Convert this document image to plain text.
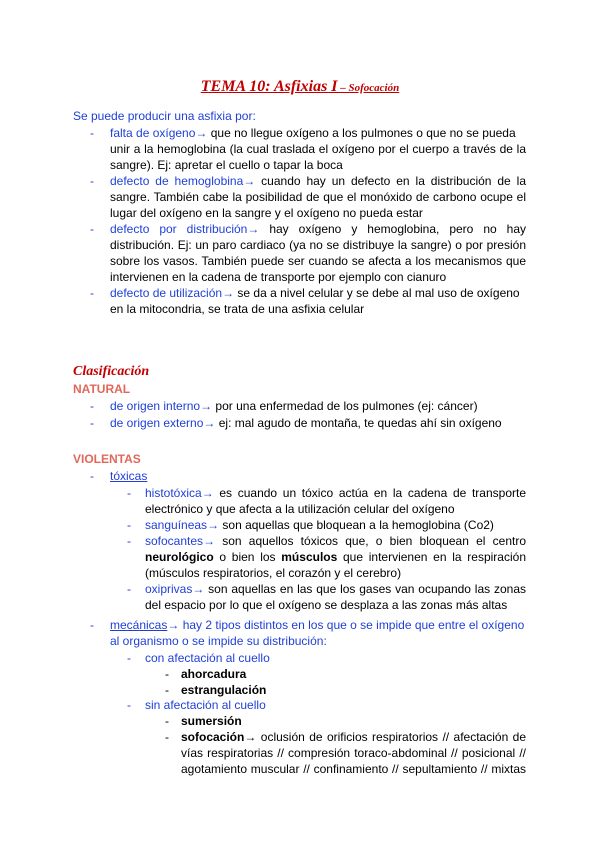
TEMA 10: Asfixias I – Sofocación
Se puede producir una asfixia por:
- falta de oxígeno→ que no llegue oxígeno a los pulmones o que no se pueda
unir a la hemoglobina (la cual traslada el oxígeno por el cuerpo a través de la
sangre). Ej: apretar el cuello o tapar la boca
- defecto de hemoglobina→ cuando hay un defecto en la distribución de la
sangre. También cabe la posibilidad de que el monóxido de carbono ocupe el
lugar del oxígeno en la sangre y el oxígeno no pueda estar
- defecto por distribución→ hay oxígeno y hemoglobina, pero no hay
distribución. Ej: un paro cardiaco (ya no se distribuye la sangre) o por presión
sobre los vasos. También puede ser cuando se afecta a los mecanismos que
intervienen en la cadena de transporte por ejemplo con cianuro
- defecto de utilización→ se da a nivel celular y se debe al mal uso de oxígeno
en la mitocondria, se trata de una asfixia celular
Clasificación
NATURAL
- de origen interno→ por una enfermedad de los pulmones (ej: cáncer)
- de origen externo→ ej: mal agudo de montaña, te quedas ahí sin oxígeno
VIOLENTAS
- tóxicas
- histotóxica→ es cuando un tóxico actúa en la cadena de transporte
electrónico y que afecta a la utilización celular del oxígeno
- sanguíneas→ son aquellas que bloquean a la hemoglobina (Co2)
- sofocantes→ son aquellos tóxicos que, o bien bloquean el centro
neurológico o bien los músculos que intervienen en la respiración
(músculos respiratorios, el corazón y el cerebro)
- oxiprivas→ son aquellas en las que los gases van ocupando las zonas
del espacio por lo que el oxígeno se desplaza a las zonas más altas
- mecánicas→ hay 2 tipos distintos en los que o se impide que entre el oxígeno
al organismo o se impide su distribución:
- con afectación al cuello
- ahorcadura
- estrangulación
- sin afectación al cuello
- sumersión
- sofocación→ oclusión de orificios respiratorios // afectación de
vías respiratorias // compresión toraco-abdominal // posicional //
agotamiento muscular // confinamiento // sepultamiento // mixtas
